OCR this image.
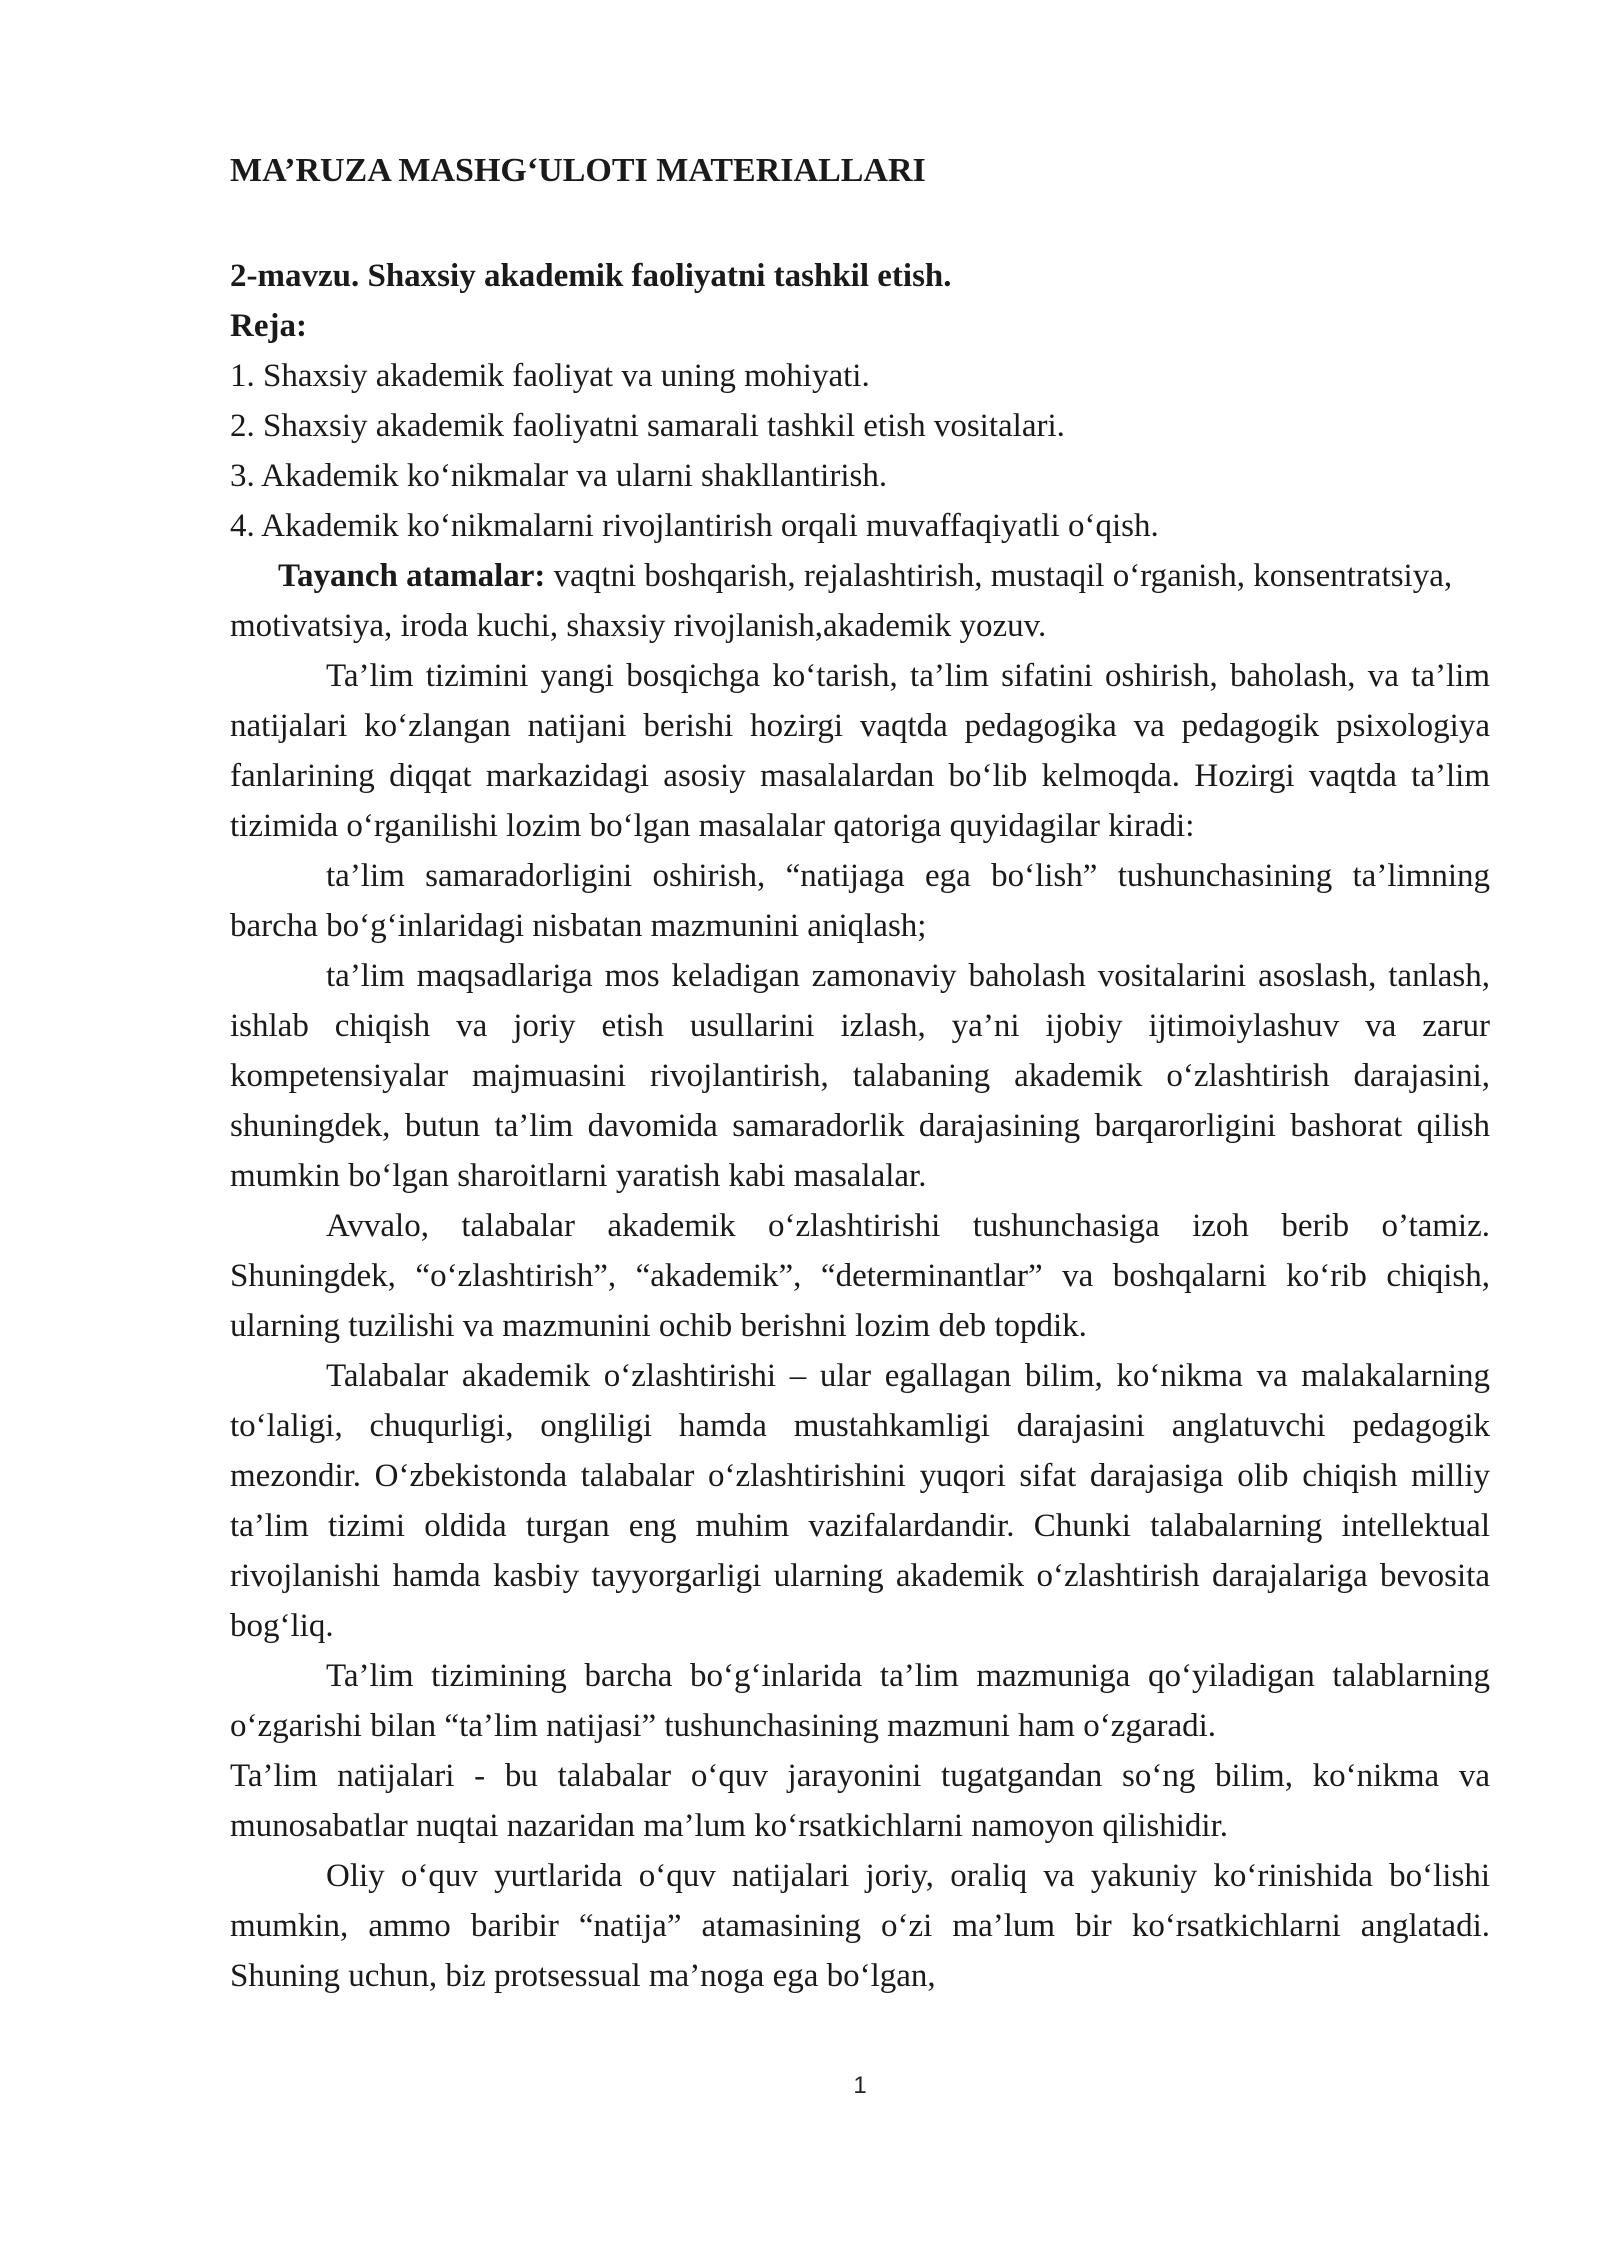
MA’RUZA MASHG‘ULOTI MATERIALLARI

2-mavzu. Shaxsiy akademik faoliyatni tashkil etish.

Reja:

1. Shaxsiy akademik faoliyat va uning mohiyati.

2. Shaxsiy akademik faoliyatni samarali tashkil etish vositalari.

3. Akademik ko‘nikmalar va ularni shakllantirish.

4. Akademik ko‘nikmalarni rivojlantirish orqali muvaffaqiyatli o‘qish.

Tayanch atamalar: vaqtni boshqarish, rejalashtirish, mustaqil o‘rganish, konsentratsiya, motivatsiya, iroda kuchi, shaxsiy rivojlanish,akademik yozuv.

Ta’lim tizimini yangi bosqichga ko‘tarish, ta’lim sifatini oshirish, baholash, va ta’lim natijalari ko‘zlangan natijani berishi hozirgi vaqtda pedagogika va pedagogik psixologiya fanlarining diqqat markazidagi asosiy masalalardan bo‘lib kelmoqda. Hozirgi vaqtda ta’lim tizimida o‘rganilishi lozim bo‘lgan masalalar qatoriga quyidagilar kiradi:

ta’lim samaradorligini oshirish, “natijaga ega bo‘lish” tushunchasining ta’limning barcha bo‘g‘inlaridagi nisbatan mazmunini aniqlash;

ta’lim maqsadlariga mos keladigan zamonaviy baholash vositalarini asoslash, tanlash, ishlab chiqish va joriy etish usullarini izlash, ya’ni ijobiy ijtimoiylashuv va zarur kompetensiyalar majmuasini rivojlantirish, talabaning akademik o‘zlashtirish darajasini, shuningdek, butun ta’lim davomida samaradorlik darajasining barqarorligini bashorat qilish mumkin bo‘lgan sharoitlarni yaratish kabi masalalar.

Avvalo, talabalar akademik o‘zlashtirishi tushunchasiga izoh berib o’tamiz. Shuningdek, “o‘zlashtirish”, “akademik”, “determinantlar” va boshqalarni ko‘rib chiqish, ularning tuzilishi va mazmunini ochib berishni lozim deb topdik.

Talabalar akademik o‘zlashtirishi – ular egallagan bilim, ko‘nikma va malakalarning to‘laligi, chuqurligi, ongliligi hamda mustahkamligi darajasini anglatuvchi pedagogik mezondir. O‘zbekistonda talabalar o‘zlashtirishini yuqori sifat darajasiga olib chiqish milliy ta’lim tizimi oldida turgan eng muhim vazifalardandir. Chunki talabalarning intellektual rivojlanishi hamda kasbiy tayyorgarligi ularning akademik o‘zlashtirish darajalariga bevosita bog‘liq.

Ta’lim tizimining barcha bo‘g‘inlarida ta’lim mazmuniga qo‘yiladigan talablarning o‘zgarishi bilan “ta’lim natijasi” tushunchasining mazmuni ham o‘zgaradi.

Ta’lim natijalari - bu talabalar o‘quv jarayonini tugatgandan so‘ng bilim, ko‘nikma va munosabatlar nuqtai nazaridan ma’lum ko‘rsatkichlarni namoyon qilishidir.

Oliy o‘quv yurtlarida o‘quv natijalari joriy, oraliq va yakuniy ko‘rinishida bo‘lishi mumkin, ammo baribir “natija” atamasining o‘zi ma’lum bir ko‘rsatkichlarni anglatadi. Shuning uchun, biz protsessual ma’noga ega bo‘lgan,

1
